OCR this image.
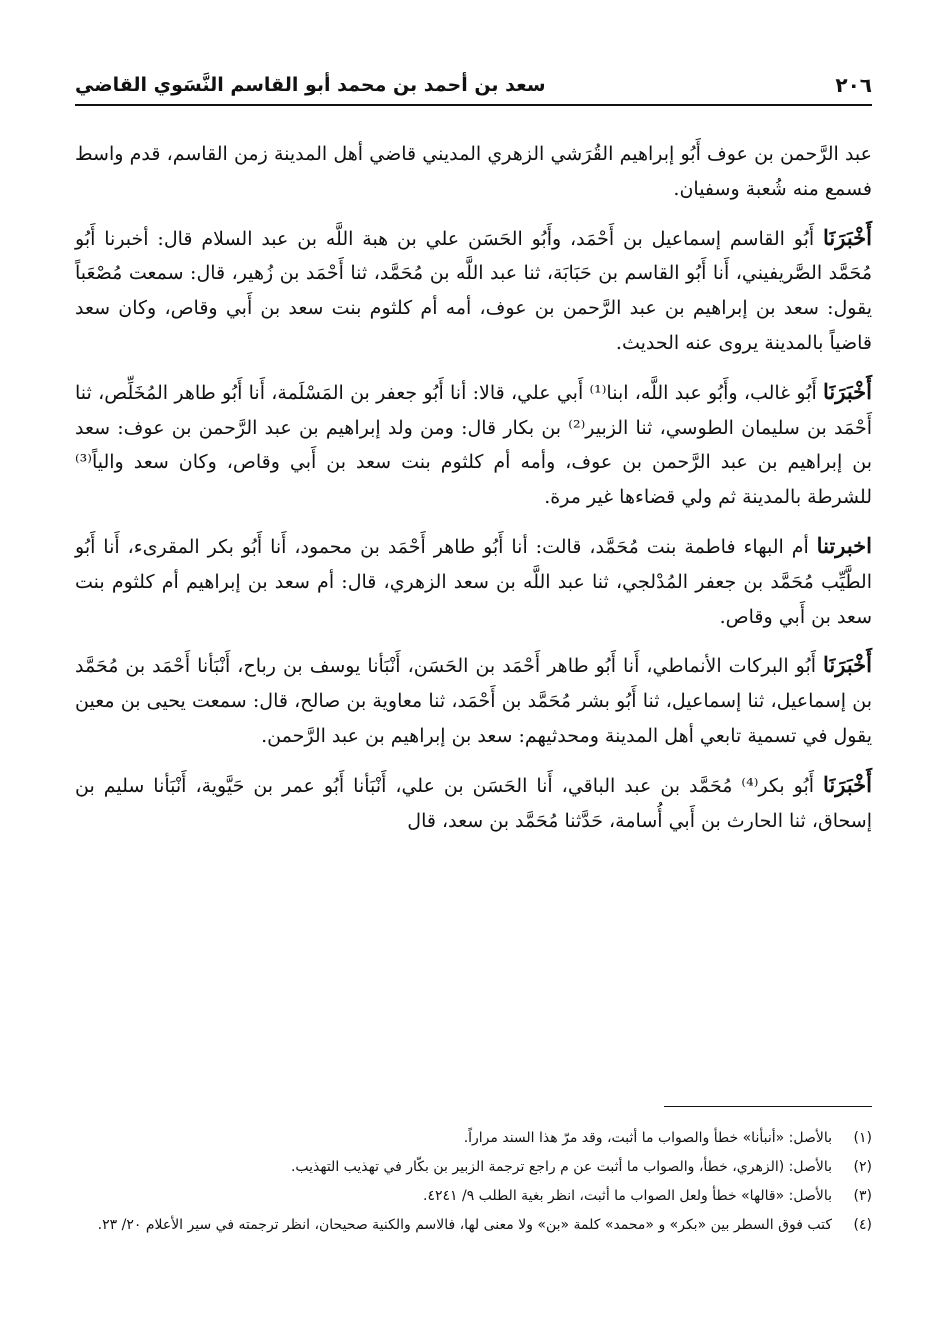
٢٠٦
سعد بن أحمد بن محمد أبو القاسم النَّسَوي القاضي

عبد الرَّحمن بن عوف أَبُو إبراهيم القُرَشي الزهري المديني قاضي أهل المدينة زمن القاسم، قدم واسط فسمع منه شُعبة وسفيان.

أَخْبَرَنَا أَبُو القاسم إسماعيل بن أَحْمَد، وأَبُو الحَسَن علي بن هبة اللَّه بن عبد السلام قال: أخبرنا أَبُو مُحَمَّد الصَّريفيني، أَنا أَبُو القاسم بن حَبَابَة، ثنا عبد اللَّه بن مُحَمَّد، ثنا أَحْمَد بن زُهير، قال: سمعت مُصْعَباً يقول: سعد بن إبراهيم بن عبد الرَّحمن بن عوف، أمه أم كلثوم بنت سعد بن أَبي وقاص، وكان سعد قاضياً بالمدينة يروى عنه الحديث.

أَخْبَرَنَا أَبُو غالب، وأَبُو عبد اللَّه، ابنا⁽¹⁾ أَبي علي، قالا: أنا أَبُو جعفر بن المَسْلَمة، أَنا أَبُو طاهر المُخَلِّص، ثنا أَحْمَد بن سليمان الطوسي، ثنا الزبير⁽²⁾ بن بكار قال: ومن ولد إبراهيم بن عبد الرَّحمن بن عوف: سعد بن إبراهيم بن عبد الرَّحمن بن عوف، وأمه أم كلثوم بنت سعد بن أَبي وقاص، وكان سعد والياً⁽³⁾ للشرطة بالمدينة ثم ولي قضاءها غير مرة.

اخبرتنا أم البهاء فاطمة بنت مُحَمَّد، قالت: أنا أَبُو طاهر أَحْمَد بن محمود، أَنا أَبُو بكر المقرىء، أَنا أَبُو الطَّيِّب مُحَمَّد بن جعفر المُدْلجي، ثنا عبد اللَّه بن سعد الزهري، قال: أم سعد بن إبراهيم أم كلثوم بنت سعد بن أَبي وقاص.

أَخْبَرَنَا أَبُو البركات الأنماطي، أَنا أَبُو طاهر أَحْمَد بن الحَسَن، أَنْبَأنا يوسف بن رباح، أَنْبَأنا أَحْمَد بن مُحَمَّد بن إسماعيل، ثنا إسماعيل، ثنا أَبُو بشر مُحَمَّد بن أَحْمَد، ثنا معاوية بن صالح، قال: سمعت يحيى بن معين يقول في تسمية تابعي أهل المدينة ومحدثيهم: سعد بن إبراهيم بن عبد الرَّحمن.

أَخْبَرَنَا أَبُو بكر⁽⁴⁾ مُحَمَّد بن عبد الباقي، أَنا الحَسَن بن علي، أَنْبَأنا أَبُو عمر بن حَيَّوية، أَنْبَأنا سليم بن إسحاق، ثنا الحارث بن أَبي أُسامة، حَدَّثنا مُحَمَّد بن سعد، قال

(١)
بالأصل: «أنبأنا» خطأ والصواب ما أثبت، وقد مرّ هذا السند مراراً.
(٢)
بالأصل: (الزهري، خطأ، والصواب ما أثبت عن م راجع ترجمة الزبير بن بكّار في تهذيب التهذيب.
(٣)
بالأصل: «قالها» خطأ ولعل الصواب ما أثبت، انظر بغية الطلب ٩/ ٤٢٤١.
(٤)
كتب فوق السطر بين «بكر» و «محمد» كلمة «بن» ولا معنى لها، فالاسم والكنية صحيحان، انظر ترجمته في سير الأعلام ٢٠/ ٢٣.
